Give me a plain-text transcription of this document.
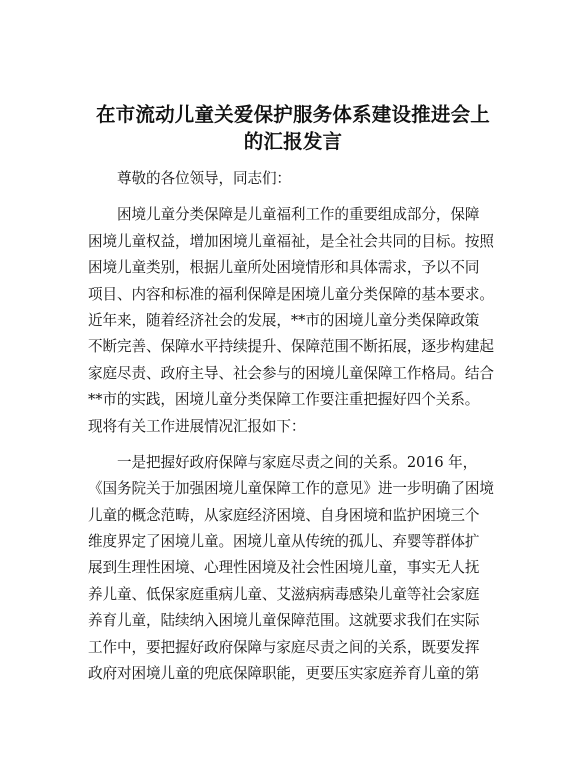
在市流动儿童关爱保护服务体系建设推进会上
的汇报发言
尊敬的各位领导，同志们：
困境儿童分类保障是儿童福利工作的重要组成部分，保障
困境儿童权益，增加困境儿童福祉，是全社会共同的目标。按照
困境儿童类别，根据儿童所处困境情形和具体需求，予以不同
项目、内容和标准的福利保障是困境儿童分类保障的基本要求。
近年来，随着经济社会的发展，**市的困境儿童分类保障政策
不断完善、保障水平持续提升、保障范围不断拓展，逐步构建起
家庭尽责、政府主导、社会参与的困境儿童保障工作格局。结合
**市的实践，困境儿童分类保障工作要注重把握好四个关系。
现将有关工作进展情况汇报如下：
一是把握好政府保障与家庭尽责之间的关系。2016 年，
《国务院关于加强困境儿童保障工作的意见》进一步明确了困境
儿童的概念范畴，从家庭经济困境、自身困境和监护困境三个
维度界定了困境儿童。困境儿童从传统的孤儿、弃婴等群体扩
展到生理性困境、心理性困境及社会性困境儿童，事实无人抚
养儿童、低保家庭重病儿童、艾滋病病毒感染儿童等社会家庭
养育儿童，陆续纳入困境儿童保障范围。这就要求我们在实际
工作中，要把握好政府保障与家庭尽责之间的关系，既要发挥
政府对困境儿童的兜底保障职能，更要压实家庭养育儿童的第
